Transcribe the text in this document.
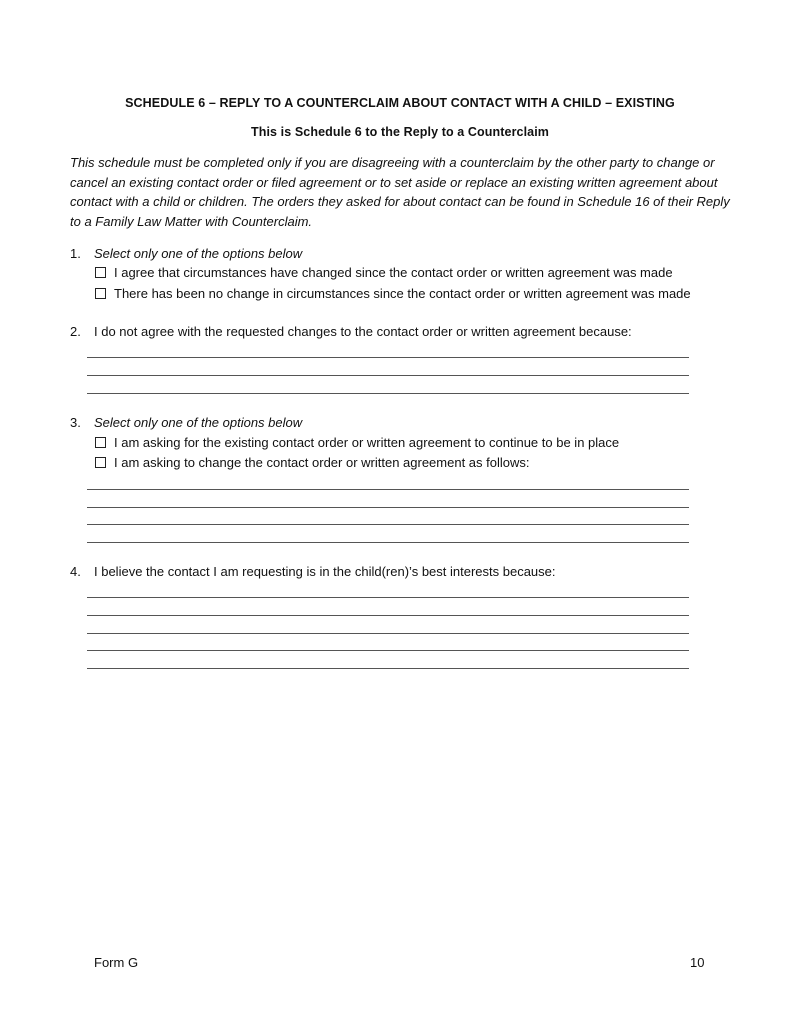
SCHEDULE 6 – REPLY TO A COUNTERCLAIM ABOUT CONTACT WITH A CHILD – EXISTING
This is Schedule 6 to the Reply to a Counterclaim
This schedule must be completed only if you are disagreeing with a counterclaim by the other party to change or cancel an existing contact order or filed agreement or to set aside or replace an existing written agreement about contact with a child or children. The orders they asked for about contact can be found in Schedule 16 of their Reply to a Family Law Matter with Counterclaim.
1. Select only one of the options below
I agree that circumstances have changed since the contact order or written agreement was made
There has been no change in circumstances since the contact order or written agreement was made
2. I do not agree with the requested changes to the contact order or written agreement because:
3. Select only one of the options below
I am asking for the existing contact order or written agreement to continue to be in place
I am asking to change the contact order or written agreement as follows:
4. I believe the contact I am requesting is in the child(ren)’s best interests because:
Form G	10
